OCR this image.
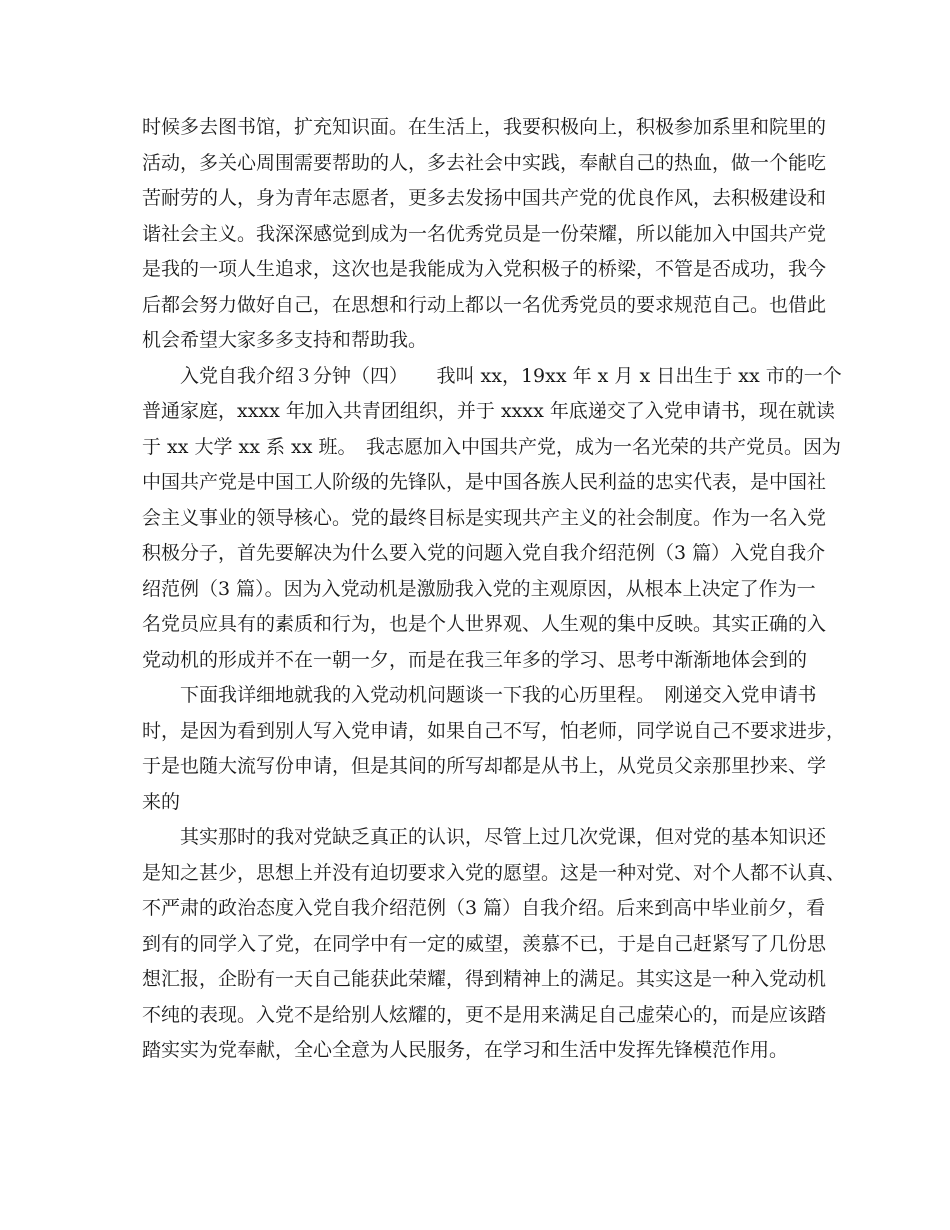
时候多去图书馆，扩充知识面。在生活上，我要积极向上，积极参加系里和院里的
活动，多关心周围需要帮助的人，多去社会中实践，奉献自己的热血，做一个能吃
苦耐劳的人，身为青年志愿者，更多去发扬中国共产党的优良作风，去积极建设和
谐社会主义。我深深感觉到成为一名优秀党员是一份荣耀，所以能加入中国共产党
是我的一项人生追求，这次也是我能成为入党积极子的桥梁，不管是否成功，我今
后都会努力做好自己，在思想和行动上都以一名优秀党员的要求规范自己。也借此
机会希望大家多多支持和帮助我。
入党自我介绍３分钟（四）　　我叫 xx，19xx 年 x 月 x 日出生于 xx 市的一个
普通家庭，xxxx 年加入共青团组织，并于 xxxx 年底递交了入党申请书，现在就读
于 xx 大学 xx 系 xx 班。　我志愿加入中国共产党，成为一名光荣的共产党员。因为
中国共产党是中国工人阶级的先锋队，是中国各族人民利益的忠实代表，是中国社
会主义事业的领导核心。党的最终目标是实现共产主义的社会制度。作为一名入党
积极分子，首先要解决为什么要入党的问题入党自我介绍范例（3 篇）入党自我介
绍范例（3 篇）。因为入党动机是激励我入党的主观原因，从根本上决定了作为一
名党员应具有的素质和行为，也是个人世界观、人生观的集中反映。其实正确的入
党动机的形成并不在一朝一夕，而是在我三年多的学习、思考中渐渐地体会到的
下面我详细地就我的入党动机问题谈一下我的心历里程。　刚递交入党申请书
时，是因为看到别人写入党申请，如果自己不写，怕老师，同学说自己不要求进步，
于是也随大流写份申请，但是其间的所写却都是从书上，从党员父亲那里抄来、学
来的
其实那时的我对党缺乏真正的认识，尽管上过几次党课，但对党的基本知识还
是知之甚少，思想上并没有迫切要求入党的愿望。这是一种对党、对个人都不认真、
不严肃的政治态度入党自我介绍范例（3 篇）自我介绍。后来到高中毕业前夕，看
到有的同学入了党，在同学中有一定的威望，羡慕不已，于是自己赶紧写了几份思
想汇报，企盼有一天自己能获此荣耀，得到精神上的满足。其实这是一种入党动机
不纯的表现。入党不是给别人炫耀的，更不是用来满足自己虚荣心的，而是应该踏
踏实实为党奉献，全心全意为人民服务，在学习和生活中发挥先锋模范作用。
